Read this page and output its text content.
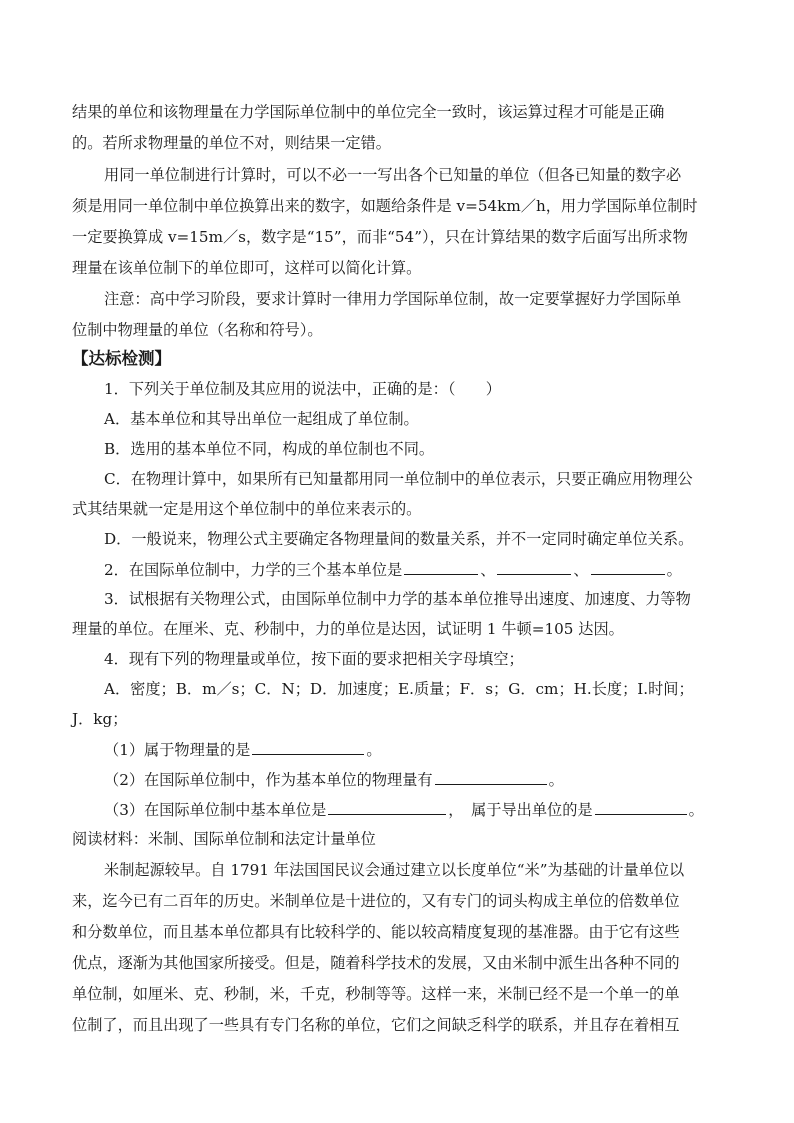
结果的单位和该物理量在力学国际单位制中的单位完全一致时，该运算过程才可能是正确
的。若所求物理量的单位不对，则结果一定错。
用同一单位制进行计算时，可以不必一一写出各个已知量的单位（但各已知量的数字必
须是用同一单位制中单位换算出来的数字，如题给条件是 v=54km／h，用力学国际单位制时
一定要换算成 v=15m／s，数字是“15”，而非“54”），只在计算结果的数字后面写出所求物
理量在该单位制下的单位即可，这样可以简化计算。
注意：高中学习阶段，要求计算时一律用力学国际单位制，故一定要掌握好力学国际单
位制中物理量的单位（名称和符号）。
【达标检测】
1．下列关于单位制及其应用的说法中，正确的是：（　　）
A．基本单位和其导出单位一起组成了单位制。
B．选用的基本单位不同，构成的单位制也不同。
C．在物理计算中，如果所有已知量都用同一单位制中的单位表示，只要正确应用物理公
式其结果就一定是用这个单位制中的单位来表示的。
D．一般说来，物理公式主要确定各物理量间的数量关系，并不一定同时确定单位关系。
2．在国际单位制中，力学的三个基本单位是	、	、	。
3．试根据有关物理公式，由国际单位制中力学的基本单位推导出速度、加速度、力等物
理量的单位。在厘米、克、秒制中，力的单位是达因，试证明 1 牛顿=105 达因。
4．现有下列的物理量或单位，按下面的要求把相关字母填空；
A．密度；B．m／s；C．N；D．加速度；E.质量；F．s；G．cm；H.长度；I.时间；
J．kg；
（1）属于物理量的是	。
（2）在国际单位制中，作为基本单位的物理量有	。
（3）在国际单位制中基本单位是	，　属于导出单位的是	。
阅读材料：米制、国际单位制和法定计量单位
米制起源较早。自 1791 年法国国民议会通过建立以长度单位“米”为基础的计量单位以
来，迄今已有二百年的历史。米制单位是十进位的，又有专门的词头构成主单位的倍数单位
和分数单位，而且基本单位都具有比较科学的、能以较高精度复现的基准器。由于它有这些
优点，逐渐为其他国家所接受。但是，随着科学技术的发展，又由米制中派生出各种不同的
单位制，如厘米、克、秒制，米，千克，秒制等等。这样一来，米制已经不是一个单一的单
位制了，而且出现了一些具有专门名称的单位，它们之间缺乏科学的联系，并且存在着相互
